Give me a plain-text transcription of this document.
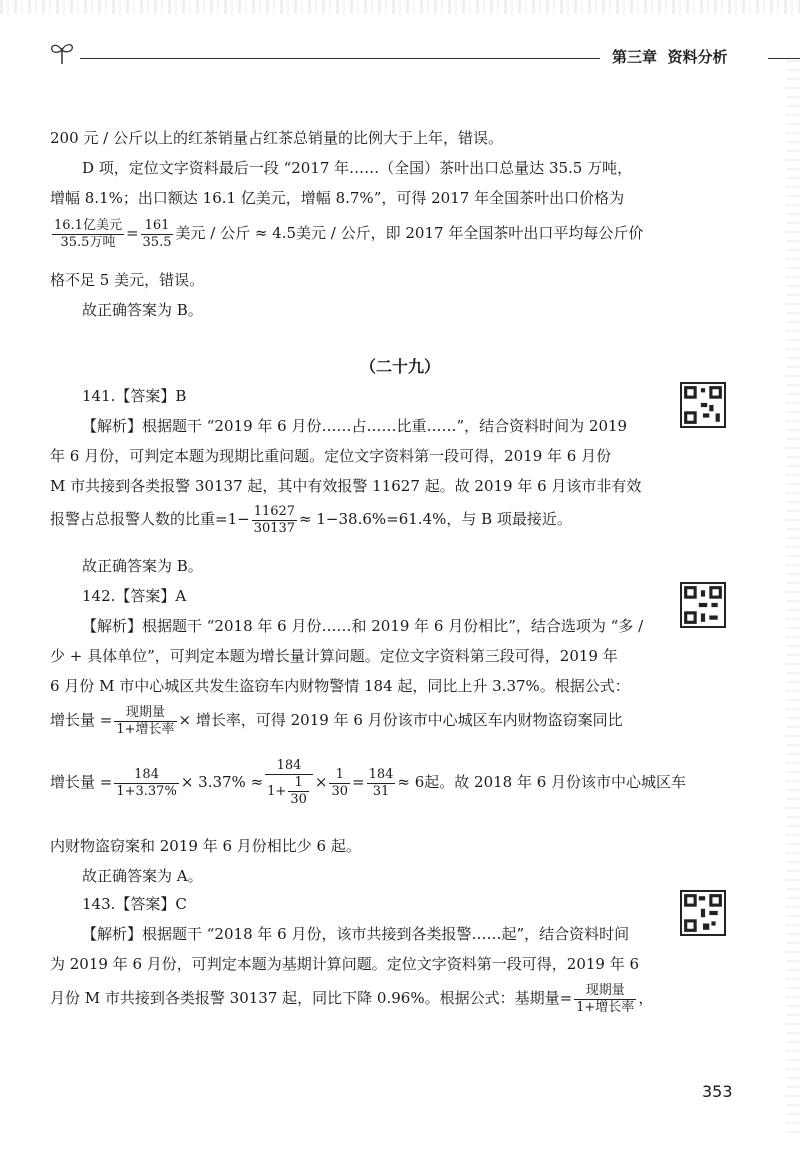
第三章 资料分析

200 元 / 公斤以上的红茶销量占红茶总销量的比例大于上年，错误。

D 项，定位文字资料最后一段 “2017 年……（全国）茶叶出口总量达 35.5 万吨，

增幅 8.1%；出口额达 16.1 亿美元，增幅 8.7%”，可得 2017 年全国茶叶出口价格为

$\frac{\text{16.1亿美元}}{\text{35.5万吨}} = \frac{161}{35.5}$ 美元 / 公斤 ≈ 4.5美元 / 公斤，即 2017 年全国茶叶出口平均每公斤价

格不足 5 美元，错误。

故正确答案为 B。

（二十九）

141.【答案】B

【解析】根据题干 “2019 年 6 月份……占……比重……”，结合资料时间为 2019

年 6 月份，可判定本题为现期比重问题。定位文字资料第一段可得，2019 年 6 月份

M 市共接到各类报警 30137 起，其中有效报警 11627 起。故 2019 年 6 月该市非有效

报警占总报警人数的比重$=1- \frac{11627}{30137} \approx 1-38.6\%=61.4\%$，与 B 项最接近。

故正确答案为 B。

142.【答案】A

【解析】根据题干 “2018 年 6 月份……和 2019 年 6 月份相比”，结合选项为 “多 /

少 + 具体单位”，可判定本题为增长量计算问题。定位文字资料第三段可得，2019 年

6 月份 M 市中心城区共发生盗窃车内财物警情 184 起，同比上升 3.37%。根据公式：

增长量 = $\frac{\text{现期量}}{\text{1+增长率}}$ × 增长率，可得 2019 年 6 月份该市中心城区车内财物盗窃案同比

增长量 = $\frac{184}{1+3.37\%} \times 3.37\% \approx \frac{184}{1+ \frac{1}{30}} \times \frac{1}{30} = \frac{184}{31} \approx 6$起。故 2018 年 6 月份该市中心城区车

内财物盗窃案和 2019 年 6 月份相比少 6 起。

故正确答案为 A。

143.【答案】C

【解析】根据题干 “2018 年 6 月份，该市共接到各类报警……起”，结合资料时间

为 2019 年 6 月份，可判定本题为基期计算问题。定位文字资料第一段可得，2019 年 6

月份 M 市共接到各类报警 30137 起，同比下降 0.96%。根据公式：基期量= $\frac{\text{现期量}}{\text{1+增长率}}$ ，

353
